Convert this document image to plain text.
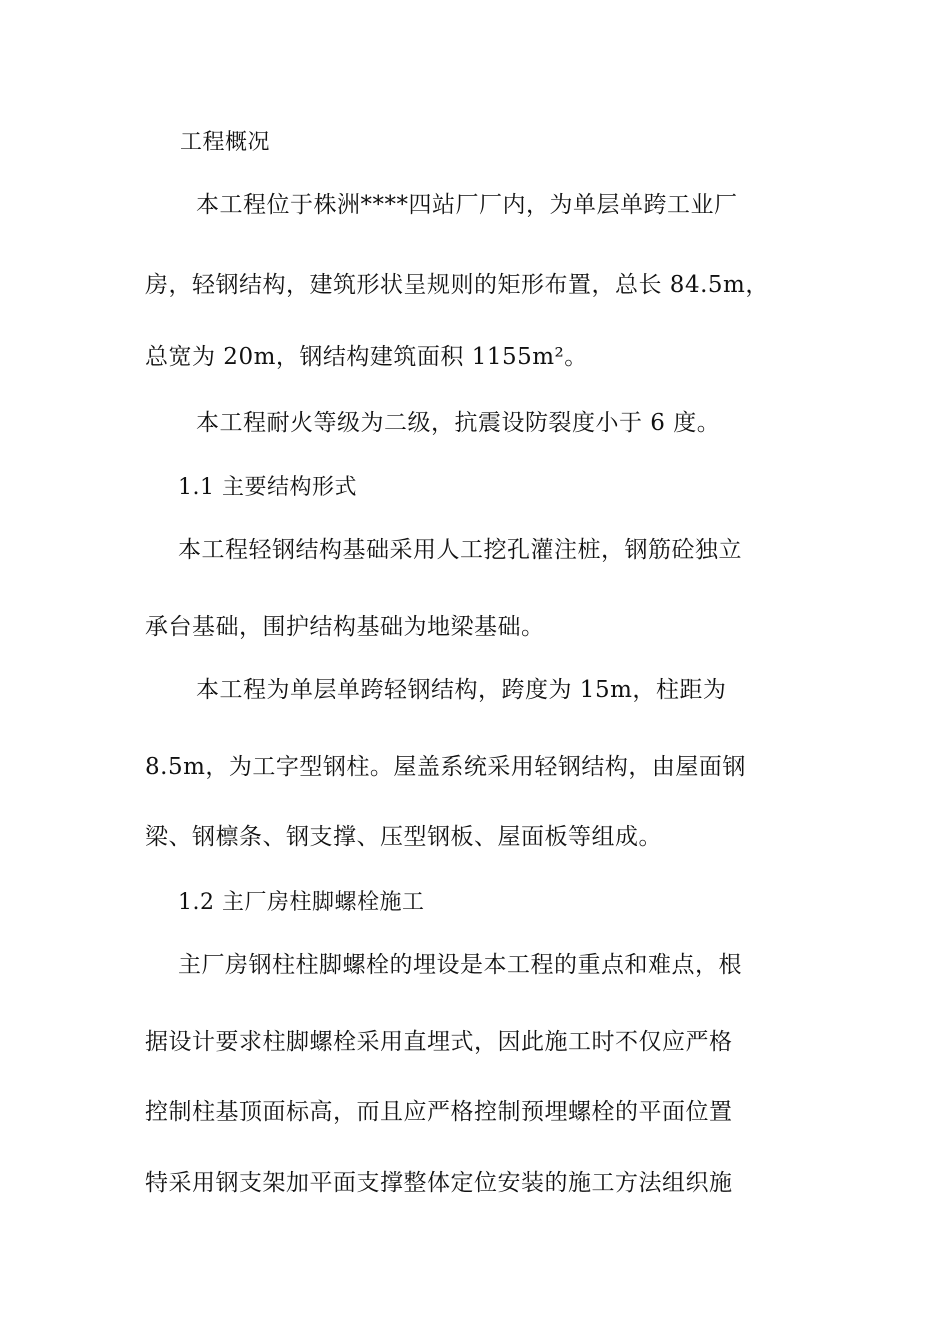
工程概况
本工程位于株洲****四站厂厂内，为单层单跨工业厂
房，轻钢结构，建筑形状呈规则的矩形布置，总长 84.5m，
总宽为 20m，钢结构建筑面积 1155m²。
本工程耐火等级为二级，抗震设防裂度小于 6 度。
1.1 主要结构形式
本工程轻钢结构基础采用人工挖孔灌注桩，钢筋砼独立
承台基础，围护结构基础为地梁基础。
本工程为单层单跨轻钢结构，跨度为 15m，柱距为
8.5m，为工字型钢柱。屋盖系统采用轻钢结构，由屋面钢
梁、钢檩条、钢支撑、压型钢板、屋面板等组成。
1.2 主厂房柱脚螺栓施工
主厂房钢柱柱脚螺栓的埋设是本工程的重点和难点，根
据设计要求柱脚螺栓采用直埋式，因此施工时不仅应严格
控制柱基顶面标高，而且应严格控制预埋螺栓的平面位置
特采用钢支架加平面支撑整体定位安装的施工方法组织施
